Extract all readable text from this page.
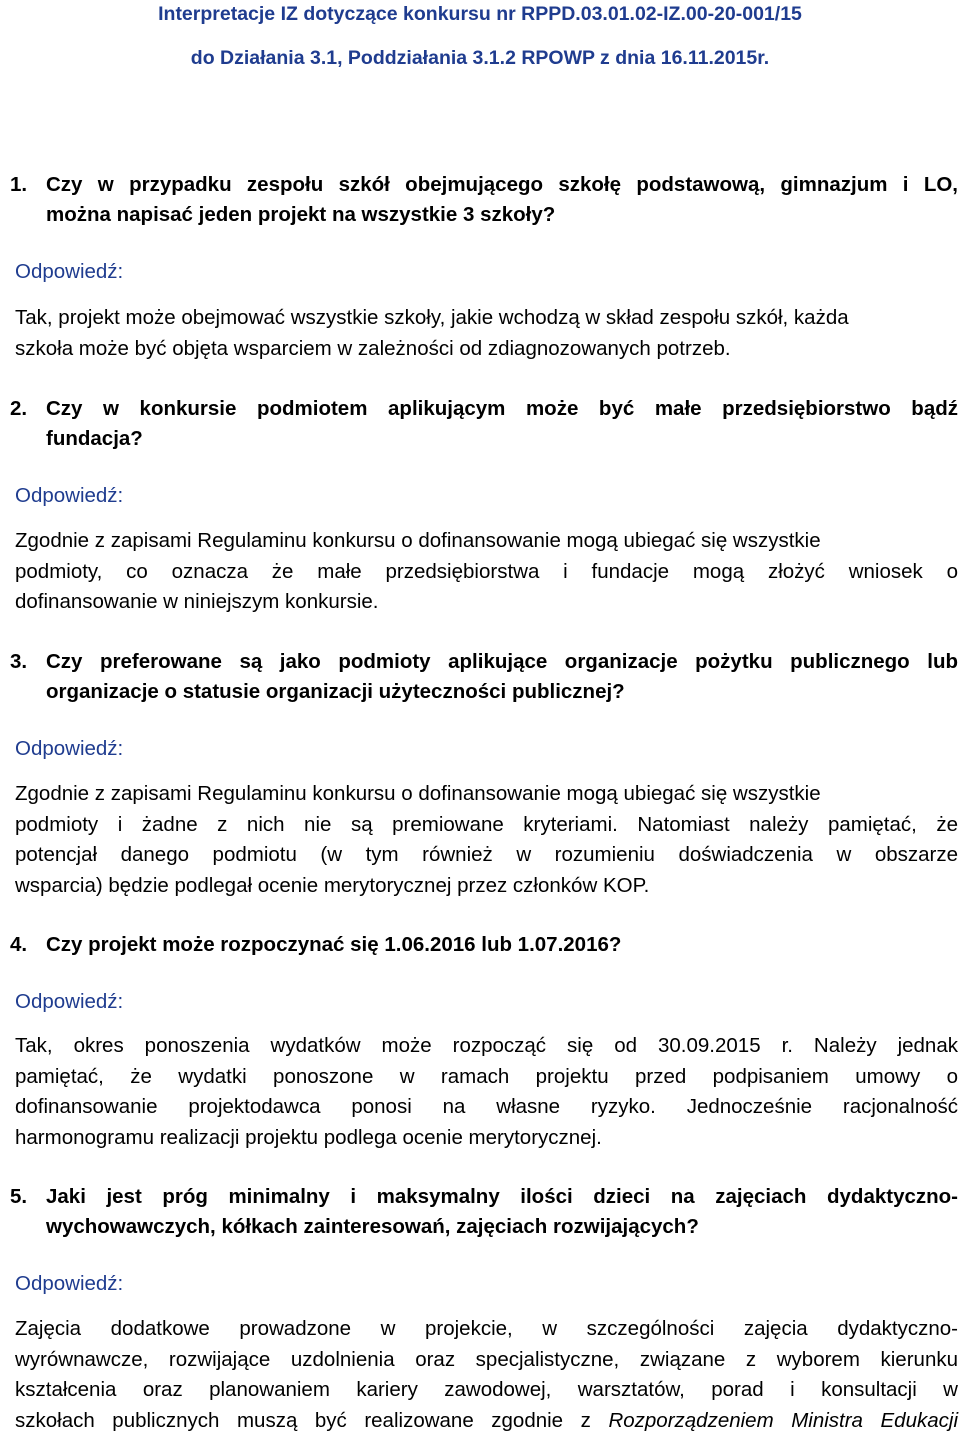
Interpretacje IZ dotyczące konkursu nr RPPD.03.01.02-IZ.00-20-001/15
do Działania 3.1, Poddziałania 3.1.2 RPOWP z dnia 16.11.2015r.
1. Czy w przypadku zespołu szkół obejmującego szkołę podstawową, gimnazjum i LO,
można napisać jeden projekt na wszystkie 3 szkoły?
Odpowiedź:
Tak, projekt może obejmować wszystkie szkoły, jakie wchodzą w skład zespołu szkół, każda
szkoła może być objęta wsparciem w zależności od zdiagnozowanych potrzeb.
2. Czy w konkursie podmiotem aplikującym może być małe przedsiębiorstwo bądź
fundacja?
Odpowiedź:
Zgodnie z zapisami Regulaminu konkursu o dofinansowanie mogą ubiegać się wszystkie
podmioty, co oznacza że małe przedsiębiorstwa i fundacje mogą złożyć wniosek o
dofinansowanie w niniejszym konkursie.
3. Czy preferowane są jako podmioty aplikujące organizacje pożytku publicznego lub
organizacje o statusie organizacji użyteczności publicznej?
Odpowiedź:
Zgodnie z zapisami Regulaminu konkursu o dofinansowanie mogą ubiegać się wszystkie
podmioty i żadne z nich nie są premiowane kryteriami. Natomiast należy pamiętać, że
potencjał danego podmiotu (w tym również w rozumieniu doświadczenia w obszarze
wsparcia) będzie podlegał ocenie merytorycznej przez członków KOP.
4. Czy projekt może rozpoczynać się 1.06.2016 lub 1.07.2016?
Odpowiedź:
Tak, okres ponoszenia wydatków może rozpocząć się od 30.09.2015 r. Należy jednak
pamiętać, że wydatki ponoszone w ramach projektu przed podpisaniem umowy o
dofinansowanie projektodawca ponosi na własne ryzyko. Jednocześnie racjonalność
harmonogramu realizacji projektu podlega ocenie merytorycznej.
5. Jaki jest próg minimalny i maksymalny ilości dzieci na zajęciach dydaktyczno-
wychowawczych, kółkach zainteresowań, zajęciach rozwijających?
Odpowiedź:
Zajęcia dodatkowe prowadzone w projekcie, w szczególności zajęcia dydaktyczno-
wyrównawcze, rozwijające uzdolnienia oraz specjalistyczne, związane z wyborem kierunku
kształcenia oraz planowaniem kariery zawodowej, warsztatów, porad i konsultacji w
szkołach publicznych muszą być realizowane zgodnie z Rozporządzeniem Ministra Edukacji
